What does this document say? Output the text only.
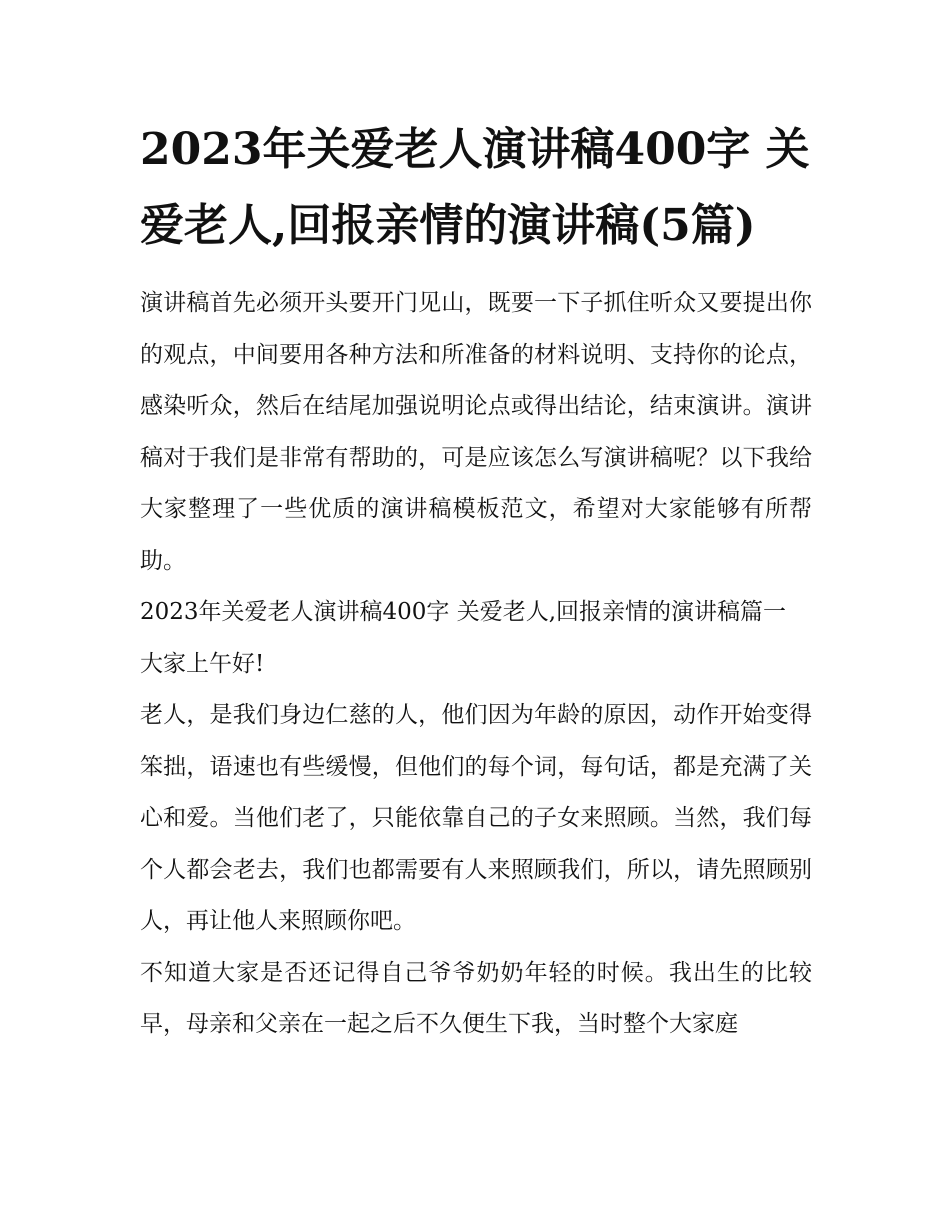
2023年关爱老人演讲稿400字 关爱老人,回报亲情的演讲稿(5篇)

演讲稿首先必须开头要开门见山，既要一下子抓住听众又要提出你的观点，中间要用各种方法和所准备的材料说明、支持你的论点，感染听众，然后在结尾加强说明论点或得出结论，结束演讲。演讲稿对于我们是非常有帮助的，可是应该怎么写演讲稿呢？以下我给大家整理了一些优质的演讲稿模板范文，希望对大家能够有所帮助。

2023年关爱老人演讲稿400字 关爱老人,回报亲情的演讲稿篇一 大家上午好!

老人，是我们身边仁慈的人，他们因为年龄的原因，动作开始变得笨拙，语速也有些缓慢，但他们的每个词，每句话，都是充满了关心和爱。当他们老了，只能依靠自己的子女来照顾。当然，我们每个人都会老去，我们也都需要有人来照顾我们，所以，请先照顾别人，再让他人来照顾你吧。

不知道大家是否还记得自己爷爷奶奶年轻的时候。我出生的比较早，母亲和父亲在一起之后不久便生下我，当时整个大家庭
